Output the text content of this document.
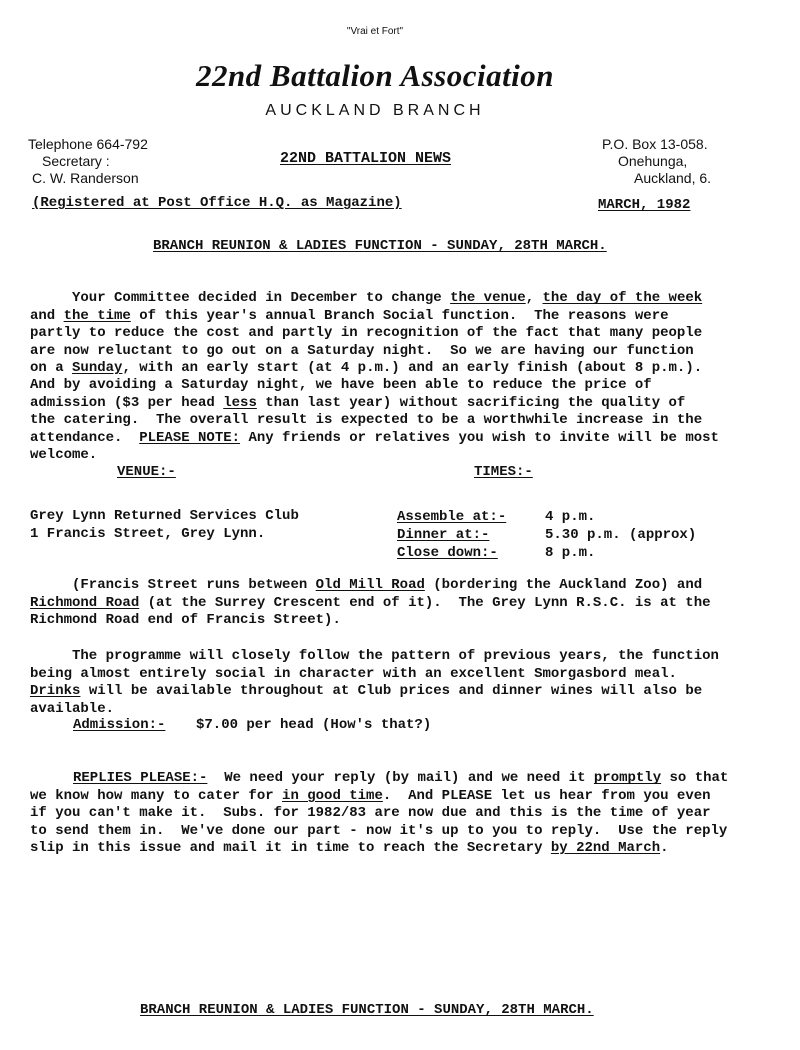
"Vrai et Fort"
22nd Battalion Association
AUCKLAND BRANCH
Telephone 664-792
Secretary :
C. W. Randerson
22ND BATTALION NEWS
P.O. Box 13-058.
Onehunga,
Auckland, 6.
(Registered at Post Office H.Q. as Magazine)	MARCH, 1982
BRANCH REUNION & LADIES FUNCTION - SUNDAY, 28TH MARCH.

Your Committee decided in December to change the venue, the day of the week
and the time of this year's annual Branch Social function.  The reasons were
partly to reduce the cost and partly in recognition of the fact that many people
are now reluctant to go out on a Saturday night.  So we are having our function
on a Sunday, with an early start (at 4 p.m.) and an early finish (about 8 p.m.).
And by avoiding a Saturday night, we have been able to reduce the price of
admission ($3 per head less than last year) without sacrificing the quality of
the catering.  The overall result is expected to be a worthwhile increase in the
attendance.  PLEASE NOTE: Any friends or relatives you wish to invite will be most
welcome.

VENUE:-	TIMES:-

Grey Lynn Returned Services Club
1 Francis Street, Grey Lynn.

Assemble at:-
Dinner at:-
Close down:-

4 p.m.
5.30 p.m. (approx)
8 p.m.

(Francis Street runs between Old Mill Road (bordering the Auckland Zoo) and
Richmond Road (at the Surrey Crescent end of it).  The Grey Lynn R.S.C. is at the
Richmond Road end of Francis Street).

The programme will closely follow the pattern of previous years, the function
being almost entirely social in character with an excellent Smorgasbord meal.
Drinks will be available throughout at Club prices and dinner wines will also be
available.

Admission:- $7.00 per head (How's that?)

REPLIES PLEASE:-  We need your reply (by mail) and we need it promptly so that
we know how many to cater for in good time.  And PLEASE let us hear from you even
if you can't make it.  Subs. for 1982/83 are now due and this is the time of year
to send them in.  We've done our part - now it's up to you to reply.  Use the reply
slip in this issue and mail it in time to reach the Secretary by 22nd March.

BRANCH REUNION & LADIES FUNCTION - SUNDAY, 28TH MARCH.
